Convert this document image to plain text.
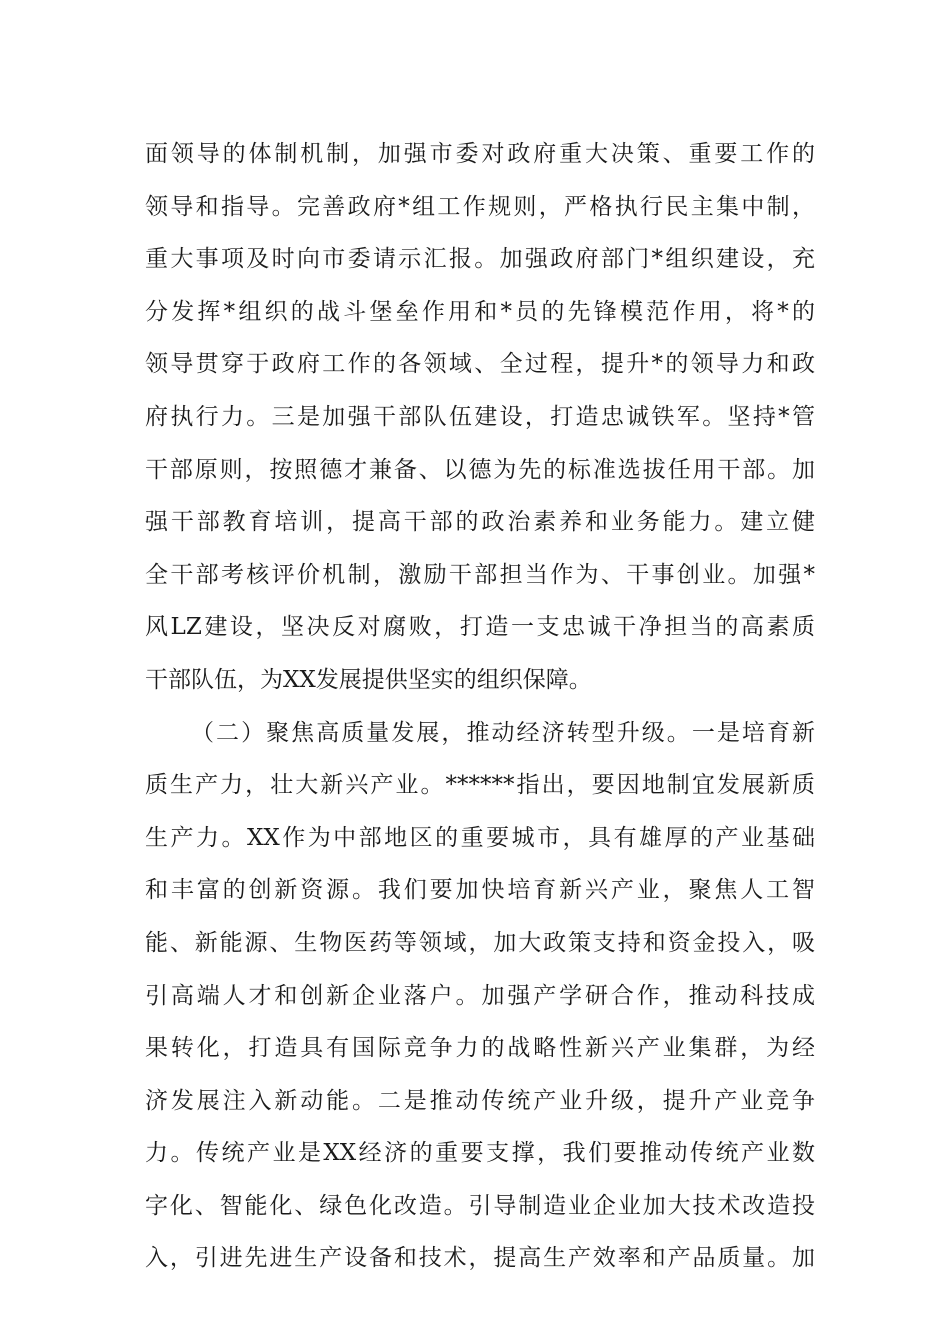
面领导的体制机制，加强市委对政府重大决策、重要工作的
领导和指导。完善政府*组工作规则，严格执行民主集中制，
重大事项及时向市委请示汇报。加强政府部门*组织建设，充
分发挥*组织的战斗堡垒作用和*员的先锋模范作用，将*的
领导贯穿于政府工作的各领域、全过程，提升*的领导力和政
府执行力。三是加强干部队伍建设，打造忠诚铁军。坚持*管
干部原则，按照德才兼备、以德为先的标准选拔任用干部。加
强干部教育培训，提高干部的政治素养和业务能力。建立健
全干部考核评价机制，激励干部担当作为、干事创业。加强*
风LZ建设，坚决反对腐败，打造一支忠诚干净担当的高素质
干部队伍，为XX发展提供坚实的组织保障。
（二）聚焦高质量发展，推动经济转型升级。一是培育新
质生产力，壮大新兴产业。******指出，要因地制宜发展新质
生产力。XX作为中部地区的重要城市，具有雄厚的产业基础
和丰富的创新资源。我们要加快培育新兴产业，聚焦人工智
能、新能源、生物医药等领域，加大政策支持和资金投入，吸
引高端人才和创新企业落户。加强产学研合作，推动科技成
果转化，打造具有国际竞争力的战略性新兴产业集群，为经
济发展注入新动能。二是推动传统产业升级，提升产业竞争
力。传统产业是XX经济的重要支撑，我们要推动传统产业数
字化、智能化、绿色化改造。引导制造业企业加大技术改造投
入，引进先进生产设备和技术，提高生产效率和产品质量。加
